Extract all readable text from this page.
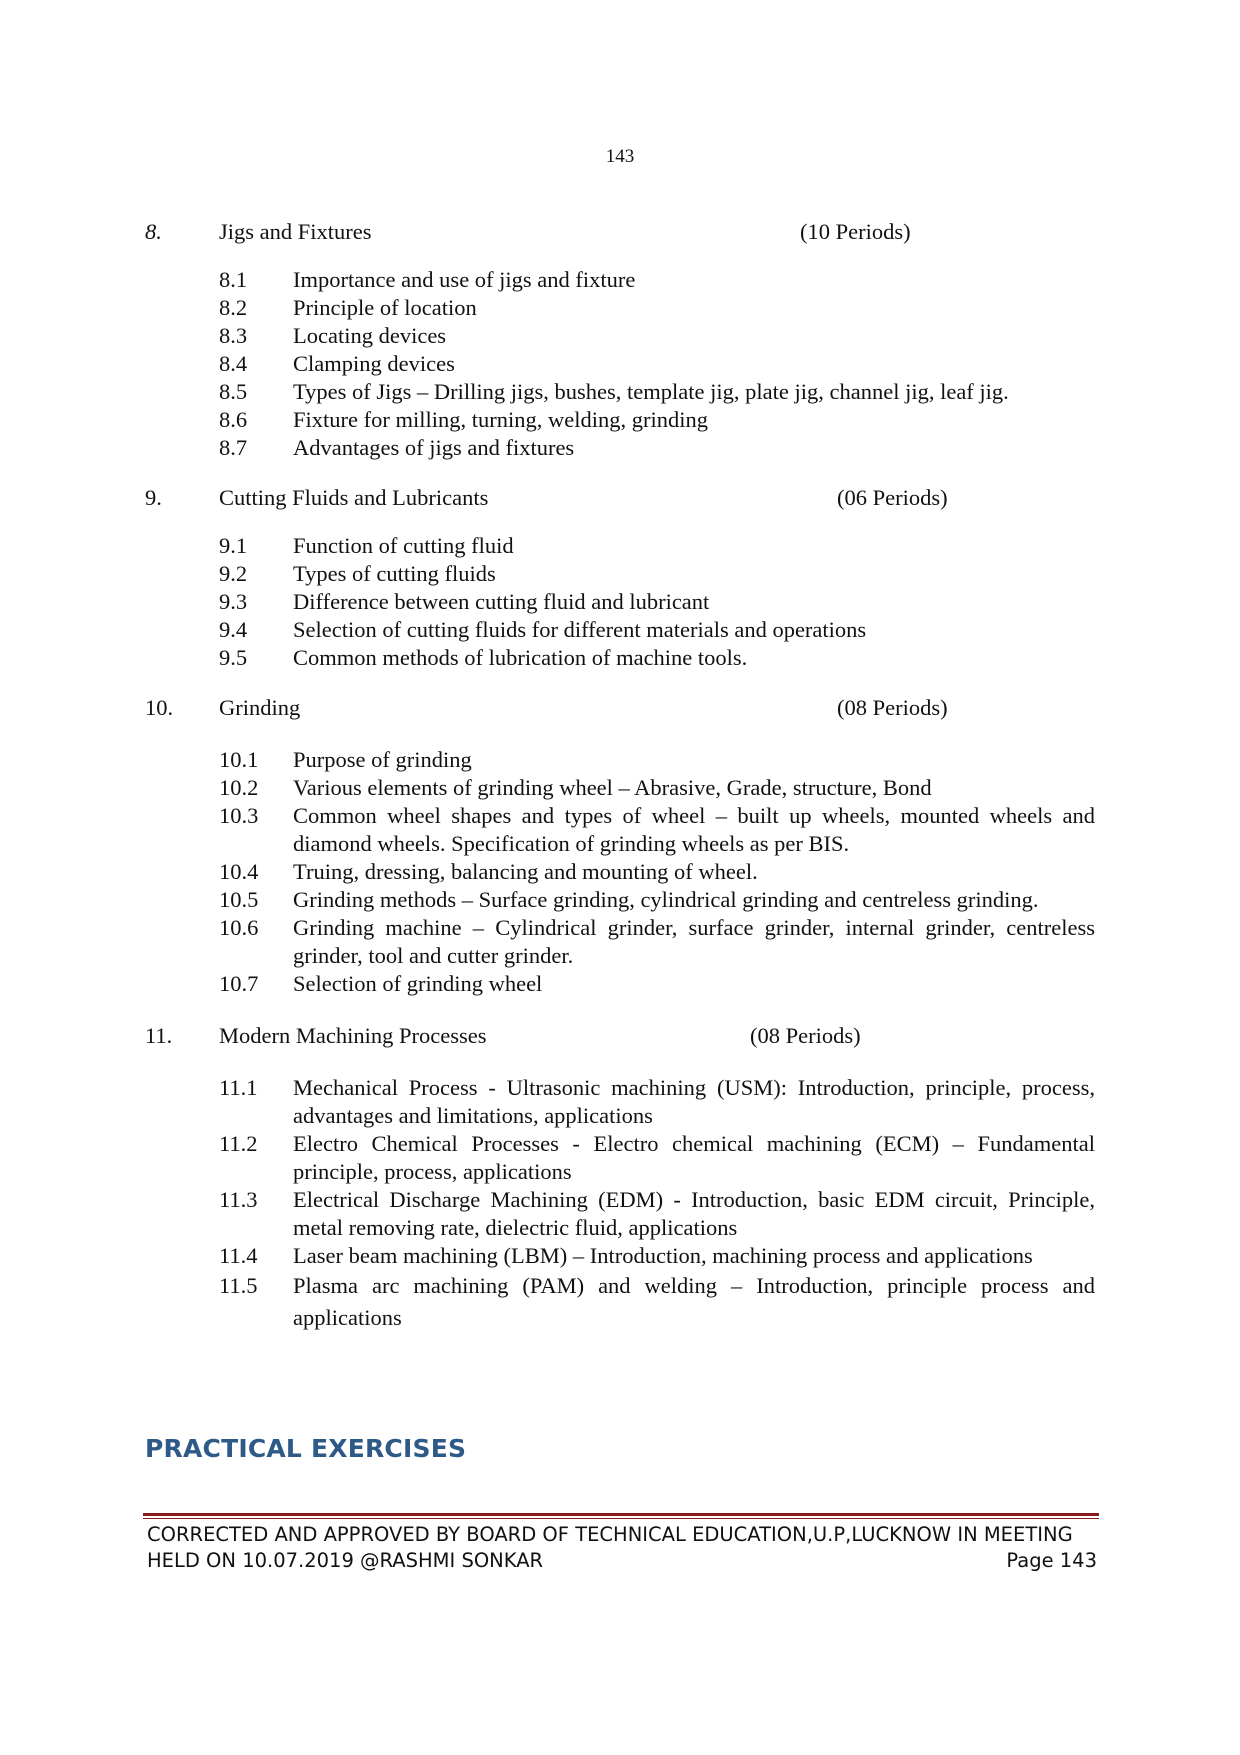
143
8.	Jigs and Fixtures	(10 Periods)
8.1	Importance and use of jigs and fixture
8.2	Principle of location
8.3	Locating devices
8.4	Clamping devices
8.5	Types of Jigs – Drilling jigs, bushes, template jig, plate jig, channel jig, leaf jig.
8.6	Fixture for milling, turning, welding, grinding
8.7	Advantages of jigs and fixtures
9.	Cutting Fluids and Lubricants	(06 Periods)
9.1	Function of cutting fluid
9.2	Types of cutting fluids
9.3	Difference between cutting fluid and lubricant
9.4	Selection of cutting fluids for different materials and operations
9.5	Common methods of lubrication of machine tools.
10. Grinding	(08 Periods)
10.1	Purpose of grinding
10.2	Various elements of grinding wheel – Abrasive, Grade, structure, Bond
10.3	Common wheel shapes and types of wheel – built up wheels, mounted wheels and diamond wheels. Specification of grinding wheels as per BIS.
10.4	Truing, dressing, balancing and mounting of wheel.
10.5	Grinding methods – Surface grinding, cylindrical grinding and centreless grinding.
10.6	Grinding machine – Cylindrical grinder, surface grinder, internal grinder, centreless grinder, tool and cutter grinder.
10.7	Selection of grinding wheel
11. Modern Machining Processes	(08 Periods)
11.1	Mechanical Process - Ultrasonic machining (USM): Introduction, principle, process, advantages and limitations, applications
11.2	Electro Chemical Processes - Electro chemical machining (ECM) – Fundamental principle, process, applications
11.3	Electrical Discharge Machining (EDM) - Introduction, basic EDM circuit, Principle, metal removing rate, dielectric fluid, applications
11.4	Laser beam machining (LBM) – Introduction, machining process and applications
11.5	Plasma arc machining (PAM) and welding – Introduction, principle process and applications
PRACTICAL EXERCISES
CORRECTED AND APPROVED BY BOARD OF TECHNICAL EDUCATION,U.P,LUCKNOW IN MEETING
HELD ON 10.07.2019 @RASHMI SONKAR	Page 143
